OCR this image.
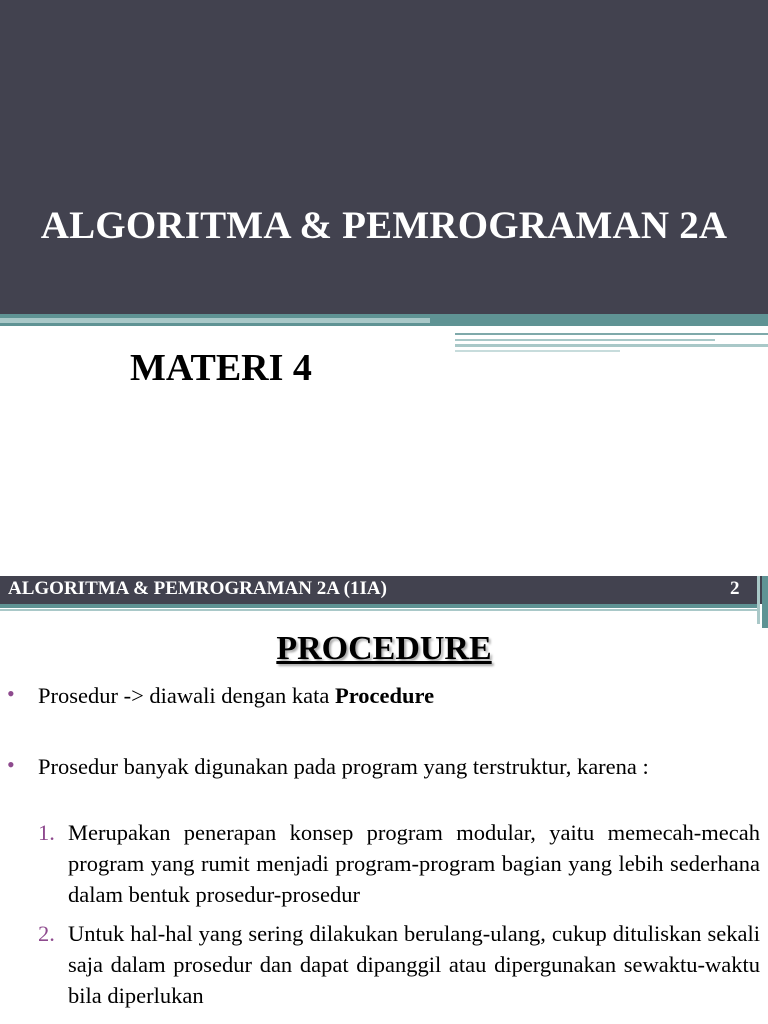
ALGORITMA & PEMROGRAMAN 2A
MATERI 4
ALGORITMA & PEMROGRAMAN 2A (1IA)	2
PROCEDURE
• Prosedur -> diawali dengan kata Procedure
• Prosedur banyak digunakan pada program yang terstruktur, karena :
1. Merupakan penerapan konsep program modular, yaitu memecah-mecah program yang rumit menjadi program-program bagian yang lebih sederhana dalam bentuk prosedur-prosedur
2. Untuk hal-hal yang sering dilakukan berulang-ulang, cukup dituliskan sekali saja dalam prosedur dan dapat dipanggil atau dipergunakan sewaktu-waktu bila diperlukan
